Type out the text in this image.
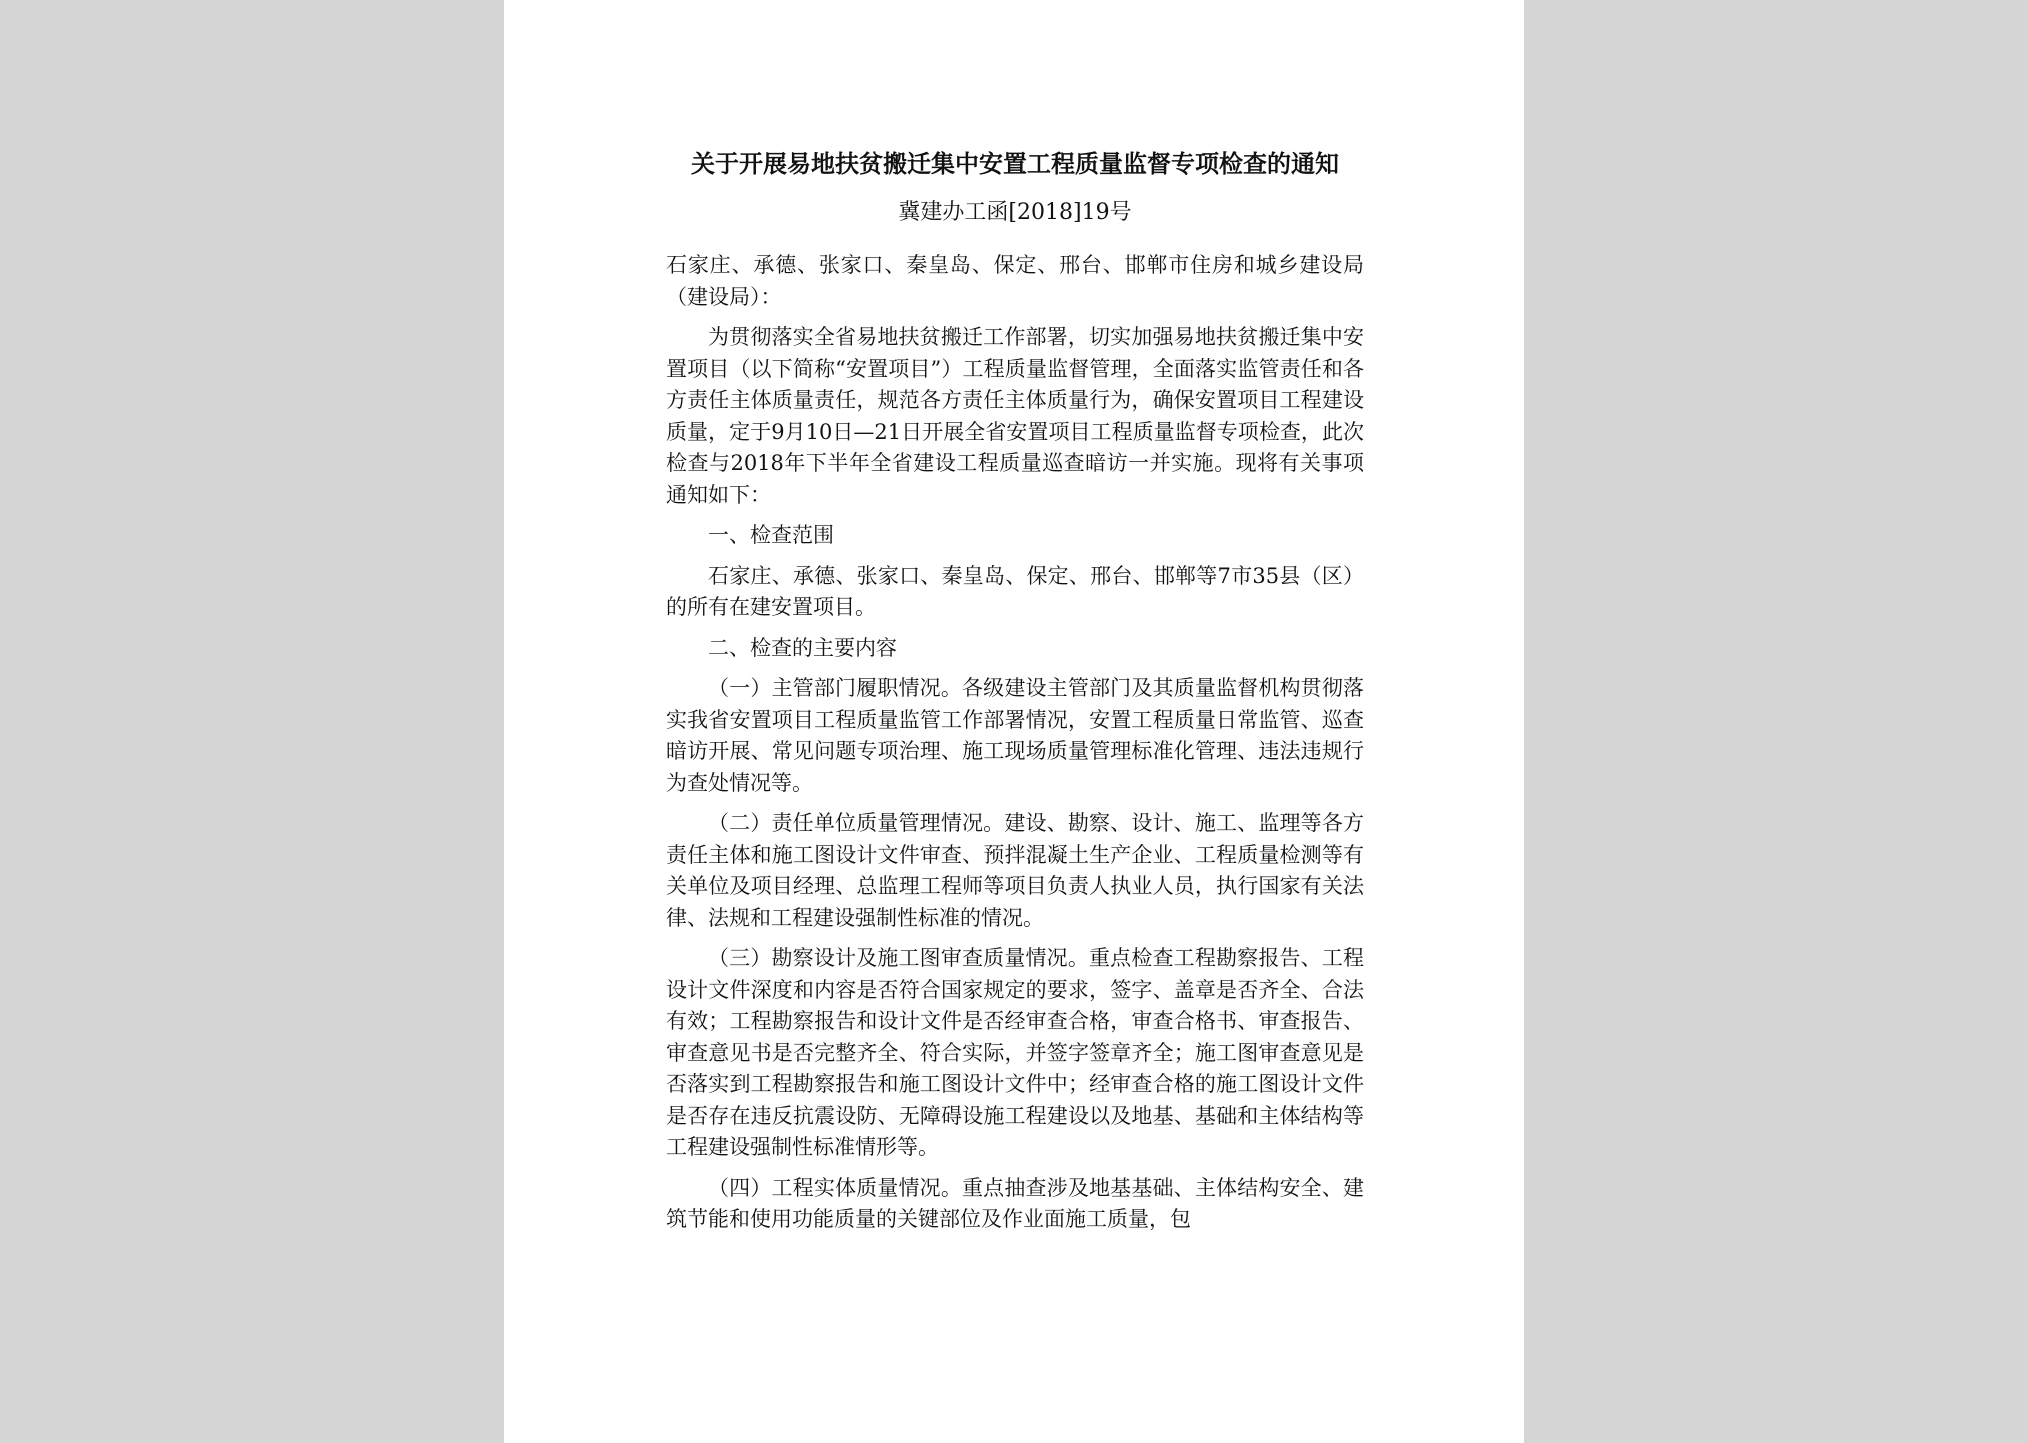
关于开展易地扶贫搬迁集中安置工程质量监督专项检查的通知
冀建办工函[2018]19号

石家庄、承德、张家口、秦皇岛、保定、邢台、邯郸市住房和城乡建设局（建设局）：

为贯彻落实全省易地扶贫搬迁工作部署，切实加强易地扶贫搬迁集中安置项目（以下简称“安置项目”）工程质量监督管理，全面落实监管责任和各方责任主体质量责任，规范各方责任主体质量行为，确保安置项目工程建设质量，定于9月10日—21日开展全省安置项目工程质量监督专项检查，此次检查与2018年下半年全省建设工程质量巡查暗访一并实施。现将有关事项通知如下：

一、检查范围

石家庄、承德、张家口、秦皇岛、保定、邢台、邯郸等7市35县（区）的所有在建安置项目。

二、检查的主要内容

（一）主管部门履职情况。各级建设主管部门及其质量监督机构贯彻落实我省安置项目工程质量监管工作部署情况，安置工程质量日常监管、巡查暗访开展、常见问题专项治理、施工现场质量管理标准化管理、违法违规行为查处情况等。

（二）责任单位质量管理情况。建设、勘察、设计、施工、监理等各方责任主体和施工图设计文件审查、预拌混凝土生产企业、工程质量检测等有关单位及项目经理、总监理工程师等项目负责人执业人员，执行国家有关法律、法规和工程建设强制性标准的情况。

（三）勘察设计及施工图审查质量情况。重点检查工程勘察报告、工程设计文件深度和内容是否符合国家规定的要求，签字、盖章是否齐全、合法有效；工程勘察报告和设计文件是否经审查合格，审查合格书、审查报告、审查意见书是否完整齐全、符合实际，并签字签章齐全；施工图审查意见是否落实到工程勘察报告和施工图设计文件中；经审查合格的施工图设计文件是否存在违反抗震设防、无障碍设施工程建设以及地基、基础和主体结构等工程建设强制性标准情形等。

（四）工程实体质量情况。重点抽查涉及地基基础、主体结构安全、建筑节能和使用功能质量的关键部位及作业面施工质量，包
